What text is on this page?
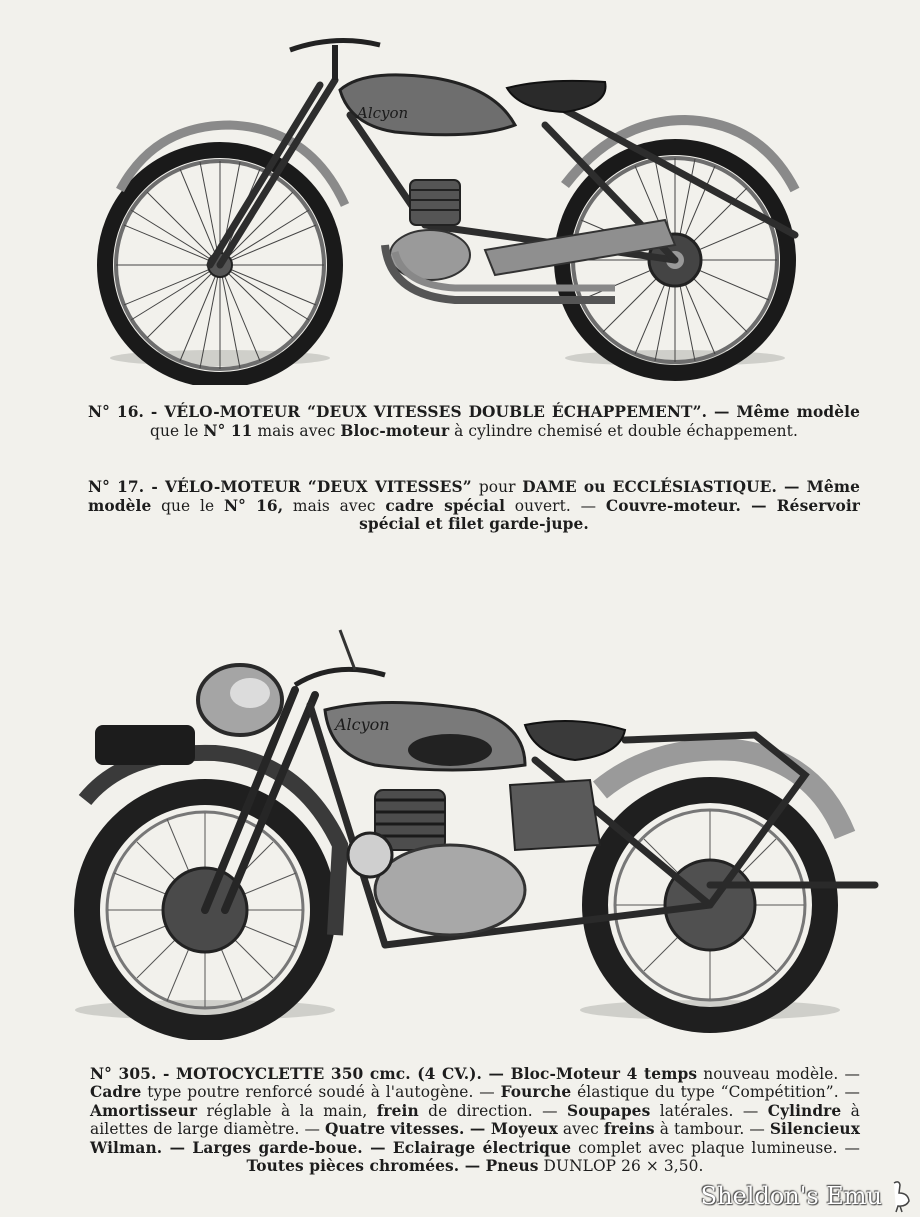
Alcyon
N° 16. - VÉLO-MOTEUR “DEUX VITESSES DOUBLE ÉCHAPPEMENT”. — Même modèle que le N° 11 mais avec Bloc-moteur à cylindre chemisé et double échappement.
N° 17. - VÉLO-MOTEUR “DEUX VITESSES” pour DAME ou ECCLÉSIASTIQUE. — Même modèle que le N° 16, mais avec cadre spécial ouvert. — Couvre-moteur. — Réservoir spécial et filet garde-jupe.
Alcyon
N° 305. - MOTOCYCLETTE 350 cmc. (4 CV.). — Bloc-Moteur 4 temps nouveau modèle. — Cadre type poutre renforcé soudé à l'autogène. — Fourche élastique du type “Compétition”. — Amortisseur réglable à la main, frein de direction. — Soupapes latérales. — Cylindre à ailettes de large diamètre. — Quatre vitesses. — Moyeux avec freins à tambour. — Silencieux Wilman. — Larges garde-boue. — Eclairage électrique complet avec plaque lumineuse. — Toutes pièces chromées. — Pneus DUNLOP 26 × 3,50.
Sheldon's Emu
